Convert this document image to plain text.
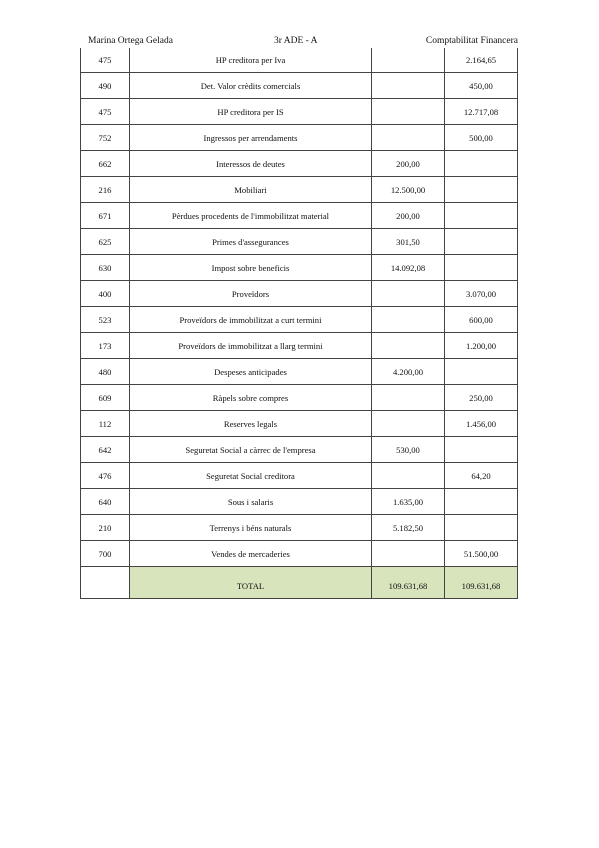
Marina Ortega Gelada	3r ADE - A	Comptabilitat Financera
475	HP creditora per Iva		2.164,65
490	Det. Valor crèdits comercials		450,00
475	HP creditora per IS		12.717,08
752	Ingressos per arrendaments		500,00
662	Interessos de deutes	200,00	
216	Mobiliari	12.500,00	
671	Pèrdues procedents de l'immobilitzat material	200,00	
625	Primes d'assegurances	301,50	
630	Impost sobre beneficis	14.092,08	
400	Proveïdors		3.070,00
523	Proveïdors de immobilitzat a curt termini		600,00
173	Proveïdors de immobilitzat a llarg termini		1.200,00
480	Despeses anticipades	4.200,00	
609	Ràpels sobre compres		250,00
112	Reserves legals		1.456,00
642	Seguretat Social a càrrec de l'empresa	530,00	
476	Seguretat Social creditora		64,20
640	Sous i salaris	1.635,00	
210	Terrenys i béns naturals	5.182,50	
700	Vendes de mercaderies		51.500,00
	TOTAL	109.631,68	109.631,68
